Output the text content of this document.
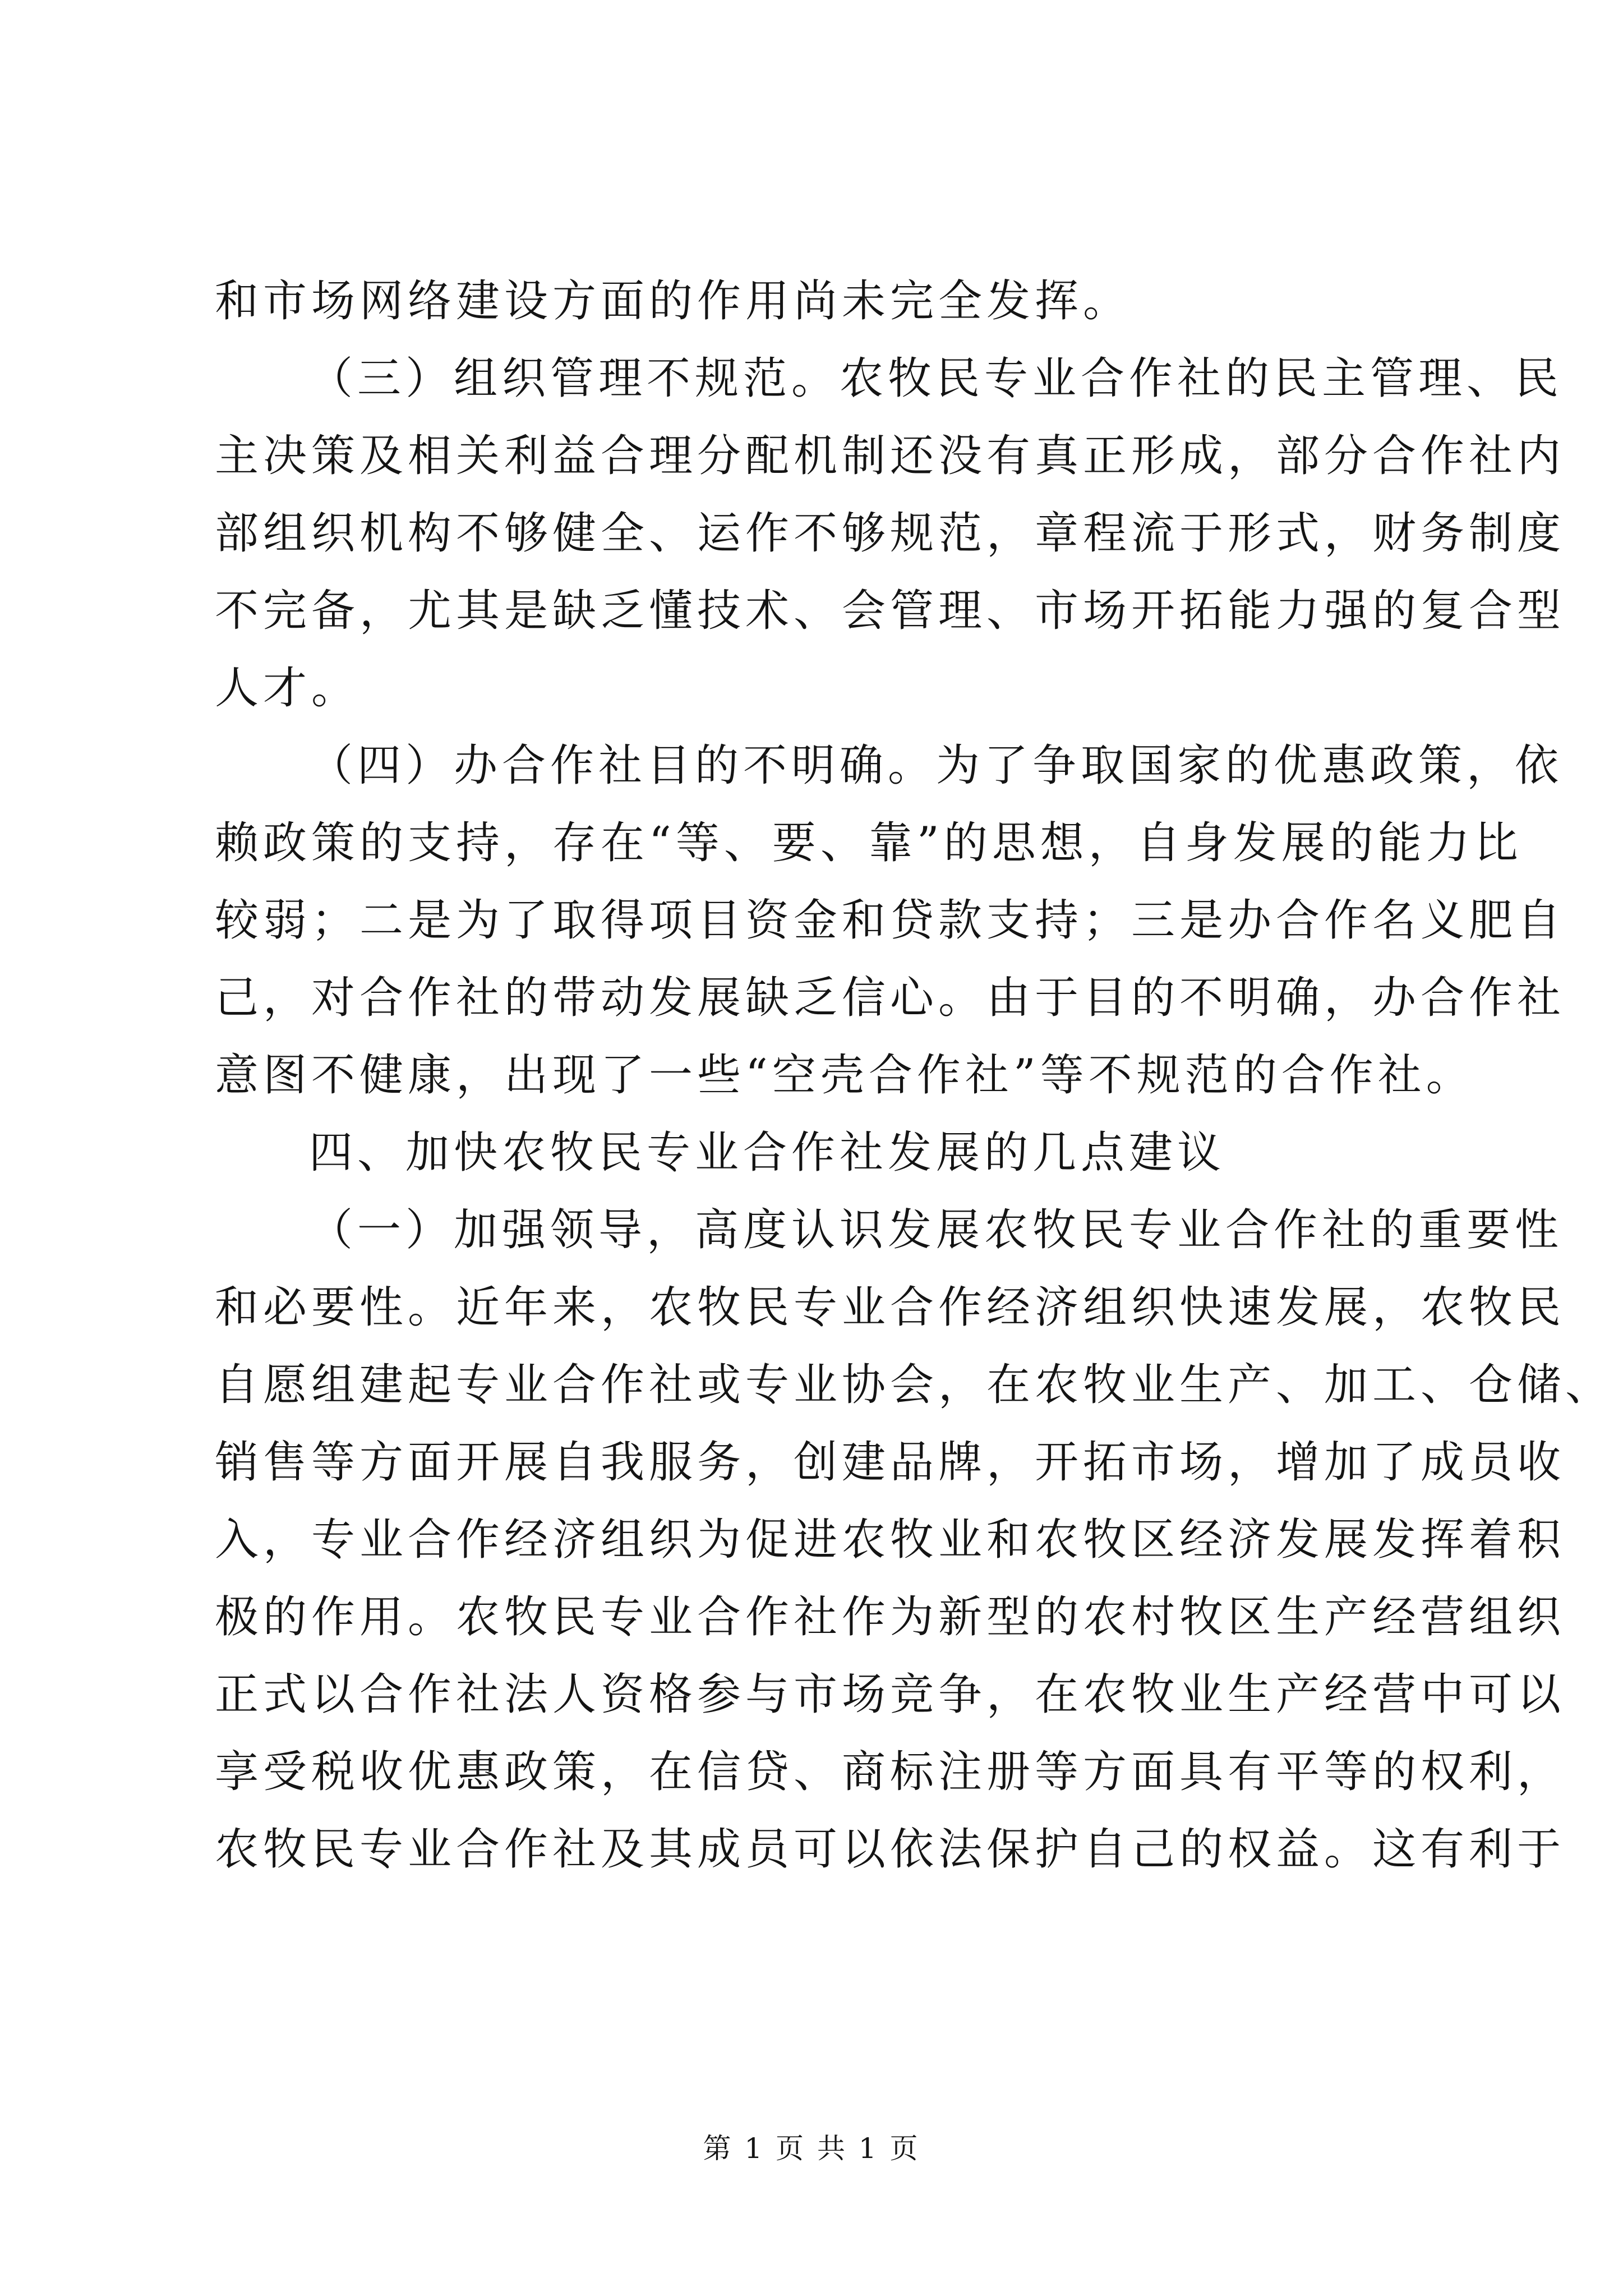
和市场网络建设方面的作用尚未完全发挥。
（三）组织管理不规范。农牧民专业合作社的民主管理、民
主决策及相关利益合理分配机制还没有真正形成，部分合作社内
部组织机构不够健全、运作不够规范，章程流于形式，财务制度
不完备，尤其是缺乏懂技术、会管理、市场开拓能力强的复合型
人才。
（四）办合作社目的不明确。为了争取国家的优惠政策，依
赖政策的支持，存在“等、要、靠”的思想，自身发展的能力比
较弱；二是为了取得项目资金和贷款支持；三是办合作名义肥自
己，对合作社的带动发展缺乏信心。由于目的不明确，办合作社
意图不健康，出现了一些“空壳合作社”等不规范的合作社。
四、加快农牧民专业合作社发展的几点建议
（一）加强领导，高度认识发展农牧民专业合作社的重要性
和必要性。近年来，农牧民专业合作经济组织快速发展，农牧民
自愿组建起专业合作社或专业协会，在农牧业生产、加工、仓储、
销售等方面开展自我服务，创建品牌，开拓市场，增加了成员收
入，专业合作经济组织为促进农牧业和农牧区经济发展发挥着积
极的作用。农牧民专业合作社作为新型的农村牧区生产经营组织
正式以合作社法人资格参与市场竞争，在农牧业生产经营中可以
享受税收优惠政策，在信贷、商标注册等方面具有平等的权利，
农牧民专业合作社及其成员可以依法保护自己的权益。这有利于
第 1 页 共 1 页
